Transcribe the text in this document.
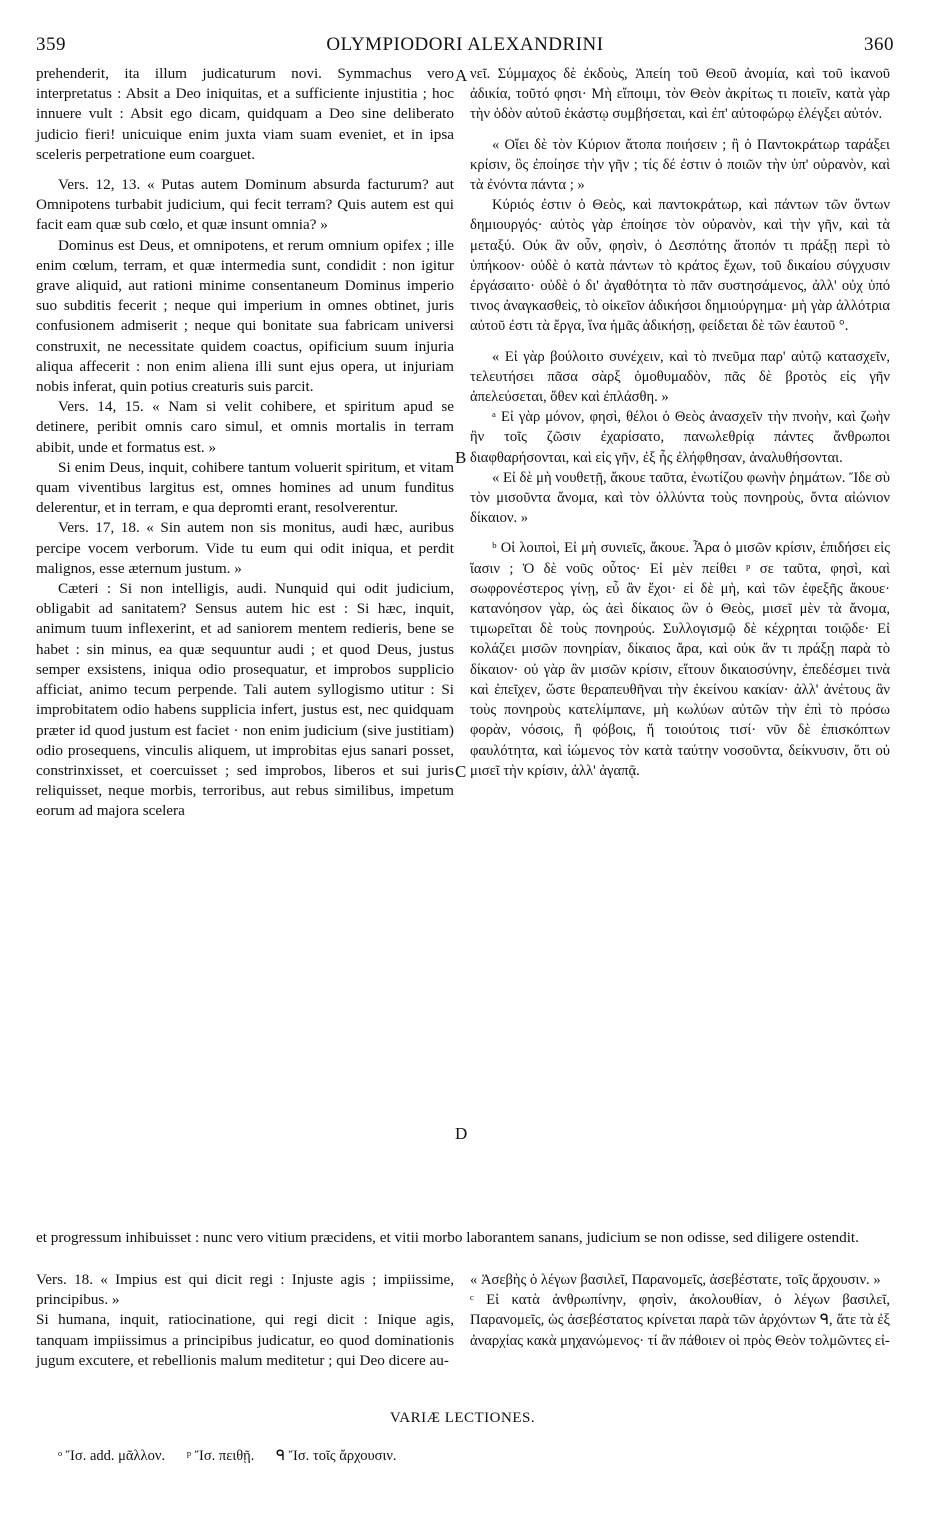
359	OLYMPIODORI ALEXANDRINI	360
A
B
C
D

prehenderit, ita illum judicaturum novi. Symmachus vero interpretatus : Absit a Deo iniquitas, et a sufficiente injustitia ; hoc innuere vult : Absit ego dicam, quidquam a Deo sine deliberato judicio fieri! unicuique enim juxta viam suam eveniet, et in ipsa sceleris perpetratione eum coarguet.

Vers. 12, 13. « Putas autem Dominum absurda facturum? aut Omnipotens turbabit judicium, qui fecit terram? Quis autem est qui facit eam quæ sub cœlo, et quæ insunt omnia? »

Dominus est Deus, et omnipotens, et rerum omnium opifex ; ille enim cœlum, terram, et quæ intermedia sunt, condidit : non igitur grave aliquid, aut rationi minime consentaneum Dominus imperio suo subditis fecerit ; neque qui imperium in omnes obtinet, juris confusionem admiserit ; neque qui bonitate sua fabricam universi construxit, ne necessitate quidem coactus, opificium suum injuria aliqua affecerit : non enim aliena illi sunt ejus opera, ut injuriam nobis inferat, quin potius creaturis suis parcit.

Vers. 14, 15. « Nam si velit cohibere, et spiritum apud se detinere, peribit omnis caro simul, et omnis mortalis in terram abibit, unde et formatus est. »

Si enim Deus, inquit, cohibere tantum voluerit spiritum, et vitam quam viventibus largitus est, omnes homines ad unum funditus delerentur, et in terram, e qua depromti erant, resolverentur.

Vers. 17, 18. « Sin autem non sis monitus, audi hæc, auribus percipe vocem verborum. Vide tu eum qui odit iniqua, et perdit malignos, esse æternum justum. »

Cæteri : Si non intelligis, audi. Nunquid qui odit judicium, obligabit ad sanitatem? Sensus autem hic est : Si hæc, inquit, animum tuum inflexerint, et ad saniorem mentem redieris, bene se habet : sin minus, ea quæ sequuntur audi ; et quod Deus, justus semper exsistens, iniqua odio prosequatur, et improbos supplicio afficiat, animo tecum perpende. Tali autem syllogismo utitur : Si improbitatem odio habens supplicia infert, justus est, nec quidquam præter id quod justum est faciet · non enim judicium (sive justitiam) odio prosequens, vinculis aliquem, ut improbitas ejus sanari posset, constrinxisset, et coercuisset ; sed improbos, liberos et sui juris reliquisset, neque morbis, terroribus, aut rebus similibus, impetum eorum ad majora scelera

νεῖ. Σύμμαχος δὲ ἐκδοὺς, Ἀπείη τοῦ Θεοῦ ἀνομία, καὶ τοῦ ἱκανοῦ ἀδικία, τοῦτό φησι· Μὴ εἴποιμι, τὸν Θεὸν ἀκρίτως τι ποιεῖν, κατὰ γὰρ τὴν ὁδὸν αὐτοῦ ἑκάστῳ συμβήσεται, καὶ ἐπ' αὐτοφώρῳ ἐλέγξει αὐτόν.

« Οἴει δὲ τὸν Κύριον ἄτοπα ποιήσειν ; ἢ ὁ Παντοκράτωρ ταράξει κρίσιν, ὃς ἐποίησε τὴν γῆν ; τίς δέ ἐστιν ὁ ποιῶν τὴν ὑπ' οὐρανὸν, καὶ τὰ ἐνόντα πάντα ; »

Κύριός ἐστιν ὁ Θεὸς, καὶ παντοκράτωρ, καὶ πάντων τῶν ὄντων δημιουργός· αὐτὸς γὰρ ἐποίησε τὸν οὐρανὸν, καὶ τὴν γῆν, καὶ τὰ μεταξύ. Οὐκ ἂν οὖν, φησὶν, ὁ Δεσπότης ἄτοπόν τι πράξῃ περὶ τὸ ὑπήκοον· οὐδὲ ὁ κατὰ πάντων τὸ κράτος ἔχων, τοῦ δικαίου σύγχυσιν ἐργάσαιτο· οὐδὲ ὁ δι' ἀγαθότητα τὸ πᾶν συστησάμενος, ἀλλ' οὐχ ὑπό τινος ἀναγκασθεὶς, τὸ οἰκεῖον ἀδικήσοι δημιούργημα· μὴ γὰρ ἀλλότρια αὐτοῦ ἐστι τὰ ἔργα, ἵνα ἡμᾶς ἀδικήσῃ, φείδεται δὲ τῶν ἑαυτοῦ °.

« Εἰ γὰρ βούλοιτο συνέχειν, καὶ τὸ πνεῦμα παρ' αὐτῷ κατασχεῖν, τελευτήσει πᾶσα σὰρξ ὁμοθυμαδὸν, πᾶς δὲ βροτὸς εἰς γῆν ἀπελεύσεται, ὅθεν καὶ ἐπλάσθη. »

ᵃ Εἰ γὰρ μόνον, φησὶ, θέλοι ὁ Θεὸς ἀνασχεῖν τὴν πνοὴν, καὶ ζωὴν ἣν τοῖς ζῶσιν ἐχαρίσατο, πανωλεθρίᾳ πάντες ἄνθρωποι διαφθαρήσονται, καὶ εἰς γῆν, ἐξ ἧς ἐλήφθησαν, ἀναλυθήσονται.

« Εἰ δὲ μὴ νουθετῇ, ἄκουε ταῦτα, ἐνωτίζου φωνὴν ῥημάτων. Ἴδε σὺ τὸν μισοῦντα ἄνομα, καὶ τὸν ὀλλύντα τοὺς πονηροὺς, ὄντα αἰώνιον δίκαιον. »

ᵇ Οἱ λοιποὶ, Εἰ μὴ συνιεῖς, ἄκουε. Ἆρα ὁ μισῶν κρίσιν, ἐπιδήσει εἰς ἴασιν ; Ὁ δὲ νοῦς οὗτος· Εἰ μὲν πείθει ᵖ σε ταῦτα, φησὶ, καὶ σωφρονέστερος γίνῃ, εὖ ἂν ἔχοι· εἰ δὲ μὴ, καὶ τῶν ἐφεξῆς ἄκουε· κατανόησον γὰρ, ὡς ἀεὶ δίκαιος ὢν ὁ Θεὸς, μισεῖ μὲν τὰ ἄνομα, τιμωρεῖται δὲ τοὺς πονηρούς. Συλλογισμῷ δὲ κέχρηται τοιῷδε· Εἰ κολάζει μισῶν πονηρίαν, δίκαιος ἄρα, καὶ οὐκ ἄν τι πράξῃ παρὰ τὸ δίκαιον· οὐ γὰρ ἂν μισῶν κρίσιν, εἴτουν δικαιοσύνην, ἐπεδέσμει τινὰ καὶ ἐπεῖχεν, ὥστε θεραπευθῆναι τὴν ἐκείνου κακίαν· ἀλλ' ἀνέτους ἂν τοὺς πονηροὺς κατελίμπανε, μὴ κωλύων αὐτῶν τὴν ἐπὶ τὸ πρόσω φορὰν, νόσοις, ἢ φόβοις, ἤ τοιούτοις τισί· νῦν δὲ ἐπισκόπτων φαυλότητα, καὶ ἰώμενος τὸν κατὰ ταύτην νοσοῦντα, δείκνυσιν, ὅτι οὐ μισεῖ τὴν κρίσιν, ἀλλ' ἀγαπᾷ.

et progressum inhibuisset : nunc vero vitium præcidens, et vitii morbo laborantem sanans, judicium se non odisse, sed diligere ostendit.

Vers. 18. « Impius est qui dicit regi : Injuste agis ; impiissime, principibus. »

Si humana, inquit, ratiocinatione, qui regi dicit : Inique agis, tanquam impiissimus a principibus judicatur, eo quod dominationis jugum excutere, et rebellionis malum meditetur ; qui Deo dicere au-

« Ἀσεβὴς ὁ λέγων βασιλεῖ, Παρανομεῖς, ἀσεβέστατε, τοῖς ἄρχουσιν. »

ᶜ Εἰ κατὰ ἀνθρωπίνην, φησὶν, ἀκολουθίαν, ὁ λέγων βασιλεῖ, Παρανομεῖς, ὡς ἀσεβέστατος κρίνεται παρὰ τῶν ἀρχόντων ᑫ, ἅτε τὰ ἐξ ἀναρχίας κακὰ μηχανώμενος· τί ἂν πάθοιεν οἱ πρὸς Θεὸν τολμῶντες εἰ-

VARIÆ LECTIONES.
ᵒ Ἴσ. add. μᾶλλον. ᵖ Ἴσ. πειθῇ. ᑫ Ἴσ. τοῖς ἄρχουσιν.
